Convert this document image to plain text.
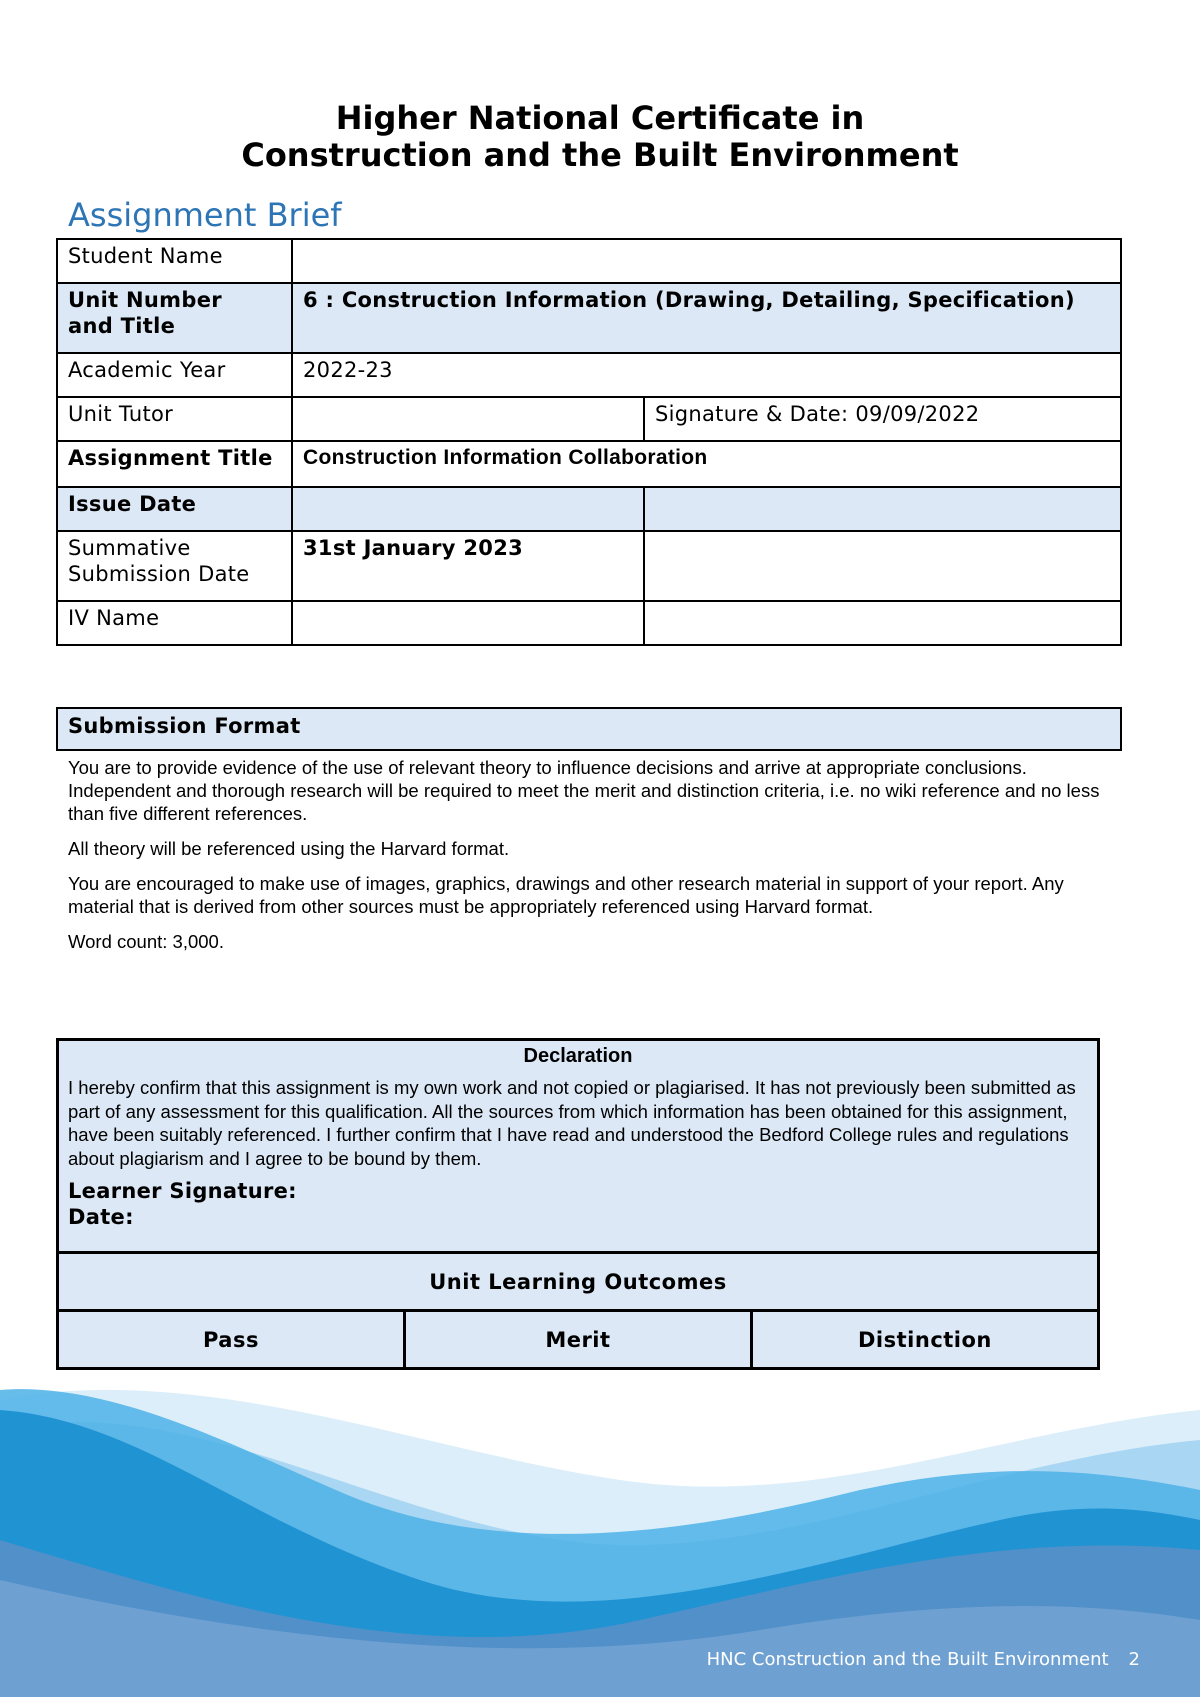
Higher National Certificate in
Construction and the Built Environment
Assignment Brief
Student Name		

Unit Number
and Title	6 : Construction Information (Drawing, Detailing, Specification)	
Academic Year	2022-23	
Unit Tutor		Signature & Date: 09/09/2022
Assignment Title	Construction Information Collaboration	
Issue Date		

Summative
Submission Date	31st January 2023	
IV Name		
Submission Format

You are to provide evidence of the use of relevant theory to influence decisions and arrive at appropriate conclusions. Independent and thorough research will be required to meet the merit and distinction criteria, i.e. no wiki reference and no less than five different references.

All theory will be referenced using the Harvard format.

You are encouraged to make use of images, graphics, drawings and other research material in support of your report. Any material that is derived from other sources must be appropriately referenced using Harvard format.

Word count: 3,000.

Declaration
I hereby confirm that this assignment is my own work and not copied or plagiarised. It has not previously been submitted as part of any assessment for this qualification. All the sources from which information has been obtained for this assignment, have been suitably referenced. I further confirm that I have read and understood the Bedford College rules and regulations about plagiarism and I agree to be bound by them.
Learner Signature:
Date:
Unit Learning Outcomes
Pass	Merit	Distinction
HNC Construction and the Built Environment 2
